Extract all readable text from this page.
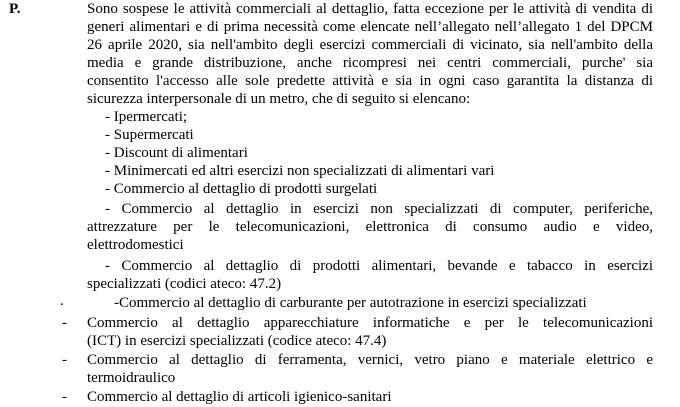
P.	Sono sospese le attività commerciali al dettaglio, fatta eccezione per le attività di vendita di
generi alimentari e di prima necessità come elencate nell’allegato nell’allegato 1 del DPCM
26 aprile 2020, sia nell'ambito degli esercizi commerciali di vicinato, sia nell'ambito della
media e grande distribuzione, anche ricompresi nei centri commerciali, purche' sia
consentito l'accesso alle sole predette attività e sia in ogni caso garantita la distanza di
sicurezza interpersonale di un metro, che di seguito si elencano:
- Ipermercati;
- Supermercati
- Discount di alimentari
- Minimercati ed altri esercizi non specializzati di alimentari vari
- Commercio al dettaglio di prodotti surgelati
- Commercio al dettaglio in esercizi non specializzati di computer, periferiche,
attrezzature per le telecomunicazioni, elettronica di consumo audio e video,
elettrodomestici
- Commercio al dettaglio di prodotti alimentari, bevande e tabacco in esercizi
specializzati (codici ateco: 47.2)
.	-Commercio al dettaglio di carburante per autotrazione in esercizi specializzati
- Commercio al dettaglio apparecchiature informatiche e per le telecomunicazioni
(ICT) in esercizi specializzati (codice ateco: 47.4)
- Commercio al dettaglio di ferramenta, vernici, vetro piano e materiale elettrico e
termoidraulico
- Commercio al dettaglio di articoli igienico-sanitari
